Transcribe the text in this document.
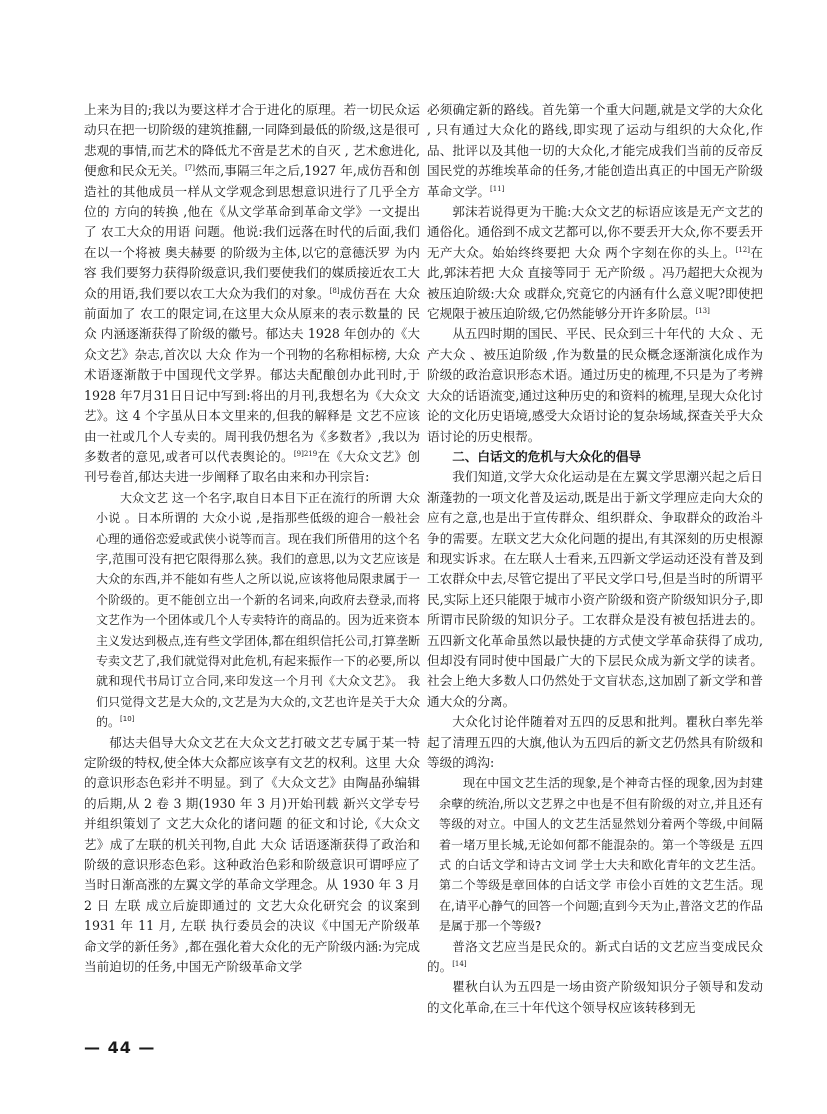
上来为目的;我以为要这样才合于进化的原理。若一切民众运动只在把一切阶级的建筑推翻,一同降到最低的阶级,这是很可悲观的事情,而艺术的降低尤不啻是艺术的自灭 , 艺术愈进化,便愈和民众无关。[7]然而,事隔三年之后,1927 年,成仿吾和创造社的其他成员一样从文学观念到思想意识进行了几乎全方位的 方向的转换 ,他在《从文学革命到革命文学》一文提出了 农工大众的用语 问题。他说:我们远落在时代的后面,我们在以一个将被 奥夫赫要 的阶级为主体,以它的意德沃罗 为内容 我们要努力获得阶级意识,我们要使我们的媒质接近农工大众的用语,我们要以农工大众为我们的对象。[8]成仿吾在 大众 前面加了 农工的限定词,在这里大众从原来的表示数量的 民众 内涵逐渐获得了阶级的徽号。郁达夫 1928 年创办的《大众文艺》杂志,首次以 大众 作为一个刊物的名称相标榜, 大众 术语逐渐散于中国现代文学界。郁达夫配酿创办此刊时,于1928 年7月31日日记中写到:将出的月刊,我想名为《大众文艺》。这 4 个字虽从日本文里来的,但我的解释是 文艺不应该由一社或几个人专卖的。周刊我仍想名为《多数者》,我以为多数者的意见,或者可以代表舆论的。$^{[9]219}$在《大众文艺》创刊号卷首,郁达夫进一步阐释了取名由来和办刊宗旨:

大众文艺 这一个名字,取自日本目下正在流行的所谓 大众小说 。日本所谓的 大众小说 ,是指那些低级的迎合一般社会心理的通俗恋爱或武侠小说等而言。现在我们所借用的这个名字,范围可没有把它限得那么狭。我们的意思,以为文艺应该是大众的东西,并不能如有些人之所以说,应该将他局限隶属于一个阶级的。更不能创立出一个新的名词来,向政府去登录,而将文艺作为一个团体或几个人专卖特许的商品的。因为近来资本主义发达到极点,连有些文学团体,都在组织信托公司,打算垄断专卖文艺了,我们就觉得对此危机,有起来振作一下的必要,所以就和现代书局订立合同,来印发这一个月刊《大众文艺》。 我们只觉得文艺是大众的,文艺是为大众的,文艺也许是关于大众的。[10]

郁达夫倡导大众文艺在大众文艺打破文艺专属于某一特定阶级的特权,使全体大众都应该享有文艺的权利。这里 大众 的意识形态色彩并不明显。到了《大众文艺》由陶晶孙编辑的后期,从 2 卷 3 期(1930 年 3 月)开始刊载 新兴文学专号 并组织策划了 文艺大众化的诸问题 的征文和讨论,《大众文艺》成了左联的机关刊物,自此 大众 话语逐渐获得了政治和阶级的意识形态色彩。这种政治色彩和阶级意识可谓呼应了当时日渐高涨的左翼文学的革命文学理念。从 1930 年 3 月 2 日 左联 成立后旋即通过的 文艺大众化研究会 的议案到 1931 年 11 月, 左联 执行委员会的决议《中国无产阶级革命文学的新任务》,都在强化着大众化的无产阶级内涵:为完成当前迫切的任务,中国无产阶级革命文学

必须确定新的路线。首先第一个重大问题,就是文学的大众化 , 只有通过大众化的路线,即实现了运动与组织的大众化,作品、批评以及其他一切的大众化,才能完成我们当前的反帝反国民党的苏维埃革命的任务,才能创造出真正的中国无产阶级革命文学。[11]

郭沫若说得更为干脆:大众文艺的标语应该是无产文艺的通俗化。通俗到不成文艺都可以,你不要丢开大众,你不要丢开无产大众。始始终终要把 大众 两个字刻在你的头上。[12]在此,郭沫若把 大众 直接等同于 无产阶级 。冯乃超把大众视为被压迫阶级:大众 或群众,究竟它的内涵有什么意义呢?即使把它规限于被压迫阶级,它仍然能够分开许多阶层。[13]

从五四时期的国民、平民、民众到三十年代的 大众 、无产大众 、被压迫阶级 ,作为数量的民众概念逐渐演化成作为阶级的政治意识形态术语。通过历史的梳理,不只是为了考辨大众的话语流变,通过这种历史的和资料的梳理,呈现大众化讨论的文化历史语境,感受大众语讨论的复杂场域,探查关乎大众语讨论的历史根帮。

二、白话文的危机与大众化的倡导

我们知道,文学大众化运动是在左翼文学思潮兴起之后日渐蓬勃的一项文化普及运动,既是出于新文学理应走向大众的应有之意,也是出于宣传群众、组织群众、争取群众的政治斗争的需要。左联文艺大众化问题的提出,有其深刻的历史根源和现实诉求。在左联人士看来,五四新文学运动还没有普及到工农群众中去,尽管它提出了平民文学口号,但是当时的所谓平民,实际上还只能限于城市小资产阶级和资产阶级知识分子,即所谓市民阶级的知识分子。工农群众是没有被包括进去的。五四新文化革命虽然以最快捷的方式使文学革命获得了成功,但却没有同时使中国最广大的下层民众成为新文学的读者。社会上绝大多数人口仍然处于文盲状态,这加剧了新文学和普通大众的分离。

大众化讨论伴随着对五四的反思和批判。瞿秋白率先举起了清理五四的大旗,他认为五四后的新文艺仍然具有阶级和等级的鸿沟:

现在中国文艺生活的现象,是个神奇古怪的现象,因为封建余孽的统治,所以文艺界之中也是不但有阶级的对立,并且还有等级的对立。中国人的文艺生活显然划分着两个等级,中间隔着一堵万里长城,无论如何都不能混杂的。第一个等级是 五四式 的白话文学和诗古文词 学士大夫和欧化青年的文艺生活。第二个等级是章回体的白话文学 市侩小百姓的文艺生活。现在,请平心静气的回答一个问题;直到今天为止,普洛文艺的作品是属于那一个等级?

普洛文艺应当是民众的。新式白话的文艺应当变成民众的。[14]

瞿秋白认为五四是一场由资产阶级知识分子领导和发动的文化革命,在三十年代这个领导权应该转移到无

— 44 —
